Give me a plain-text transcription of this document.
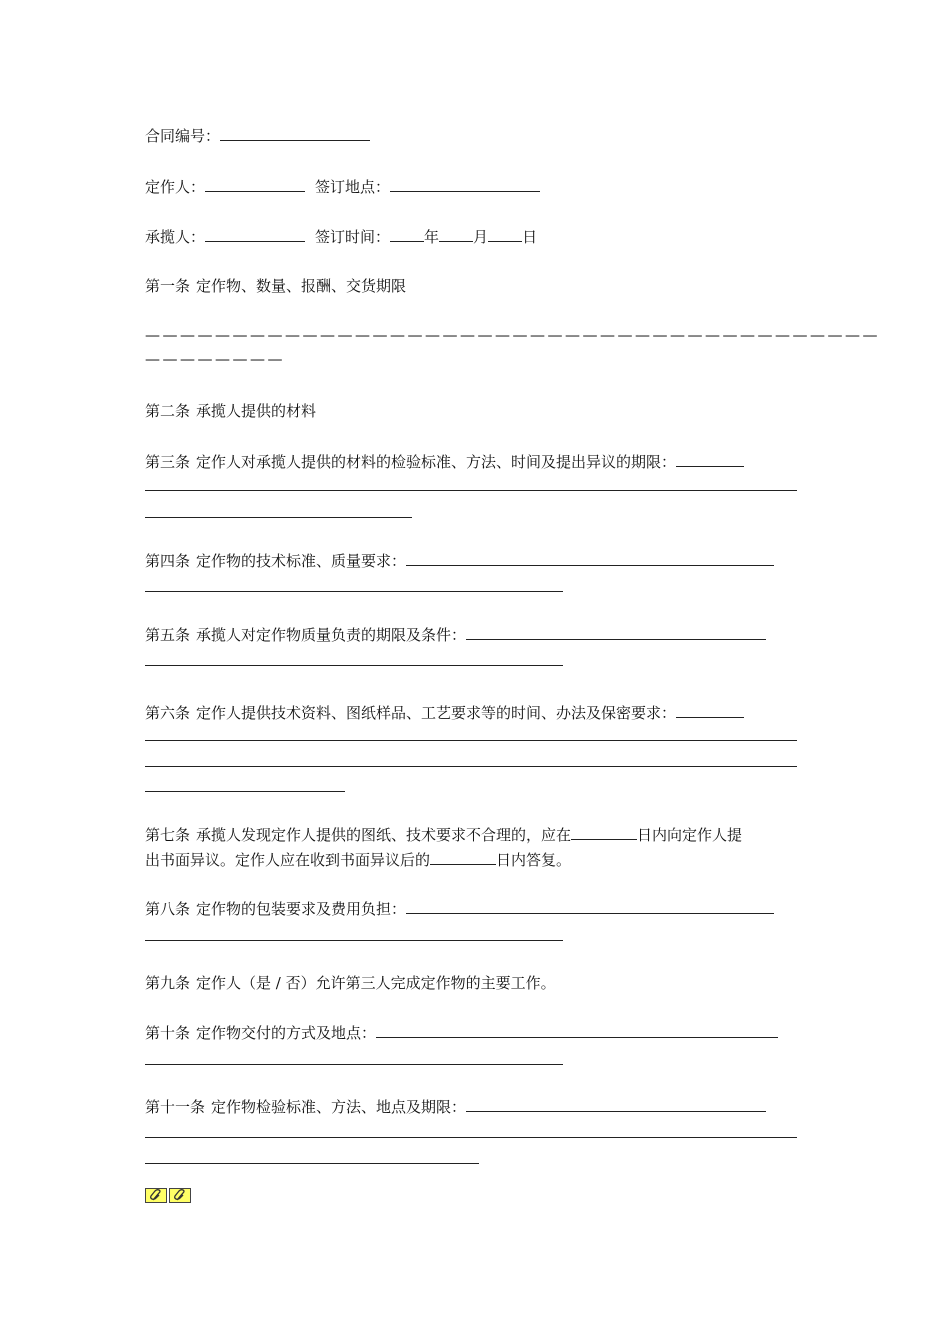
合同编号：
定作人：	签订地点：
承揽人：	签订时间： 年 月 日
第一条 定作物、数量、报酬、交货期限
——————————————————————————————————————————
————————
第二条 承揽人提供的材料
第三条 定作人对承揽人提供的材料的检验标准、方法、时间及提出异议的期限：
第四条 定作物的技术标准、质量要求：
第五条 承揽人对定作物质量负责的期限及条件：
第六条 定作人提供技术资料、图纸样品、工艺要求等的时间、办法及保密要求：
第七条 承揽人发现定作人提供的图纸、技术要求不合理的，应在	日内向定作人提
出书面异议。定作人应在收到书面异议后的	日内答复。
第八条 定作物的包装要求及费用负担：
第九条 定作人（是 / 否）允许第三人完成定作物的主要工作。
第十条 定作物交付的方式及地点：
第十一条 定作物检验标准、方法、地点及期限：
